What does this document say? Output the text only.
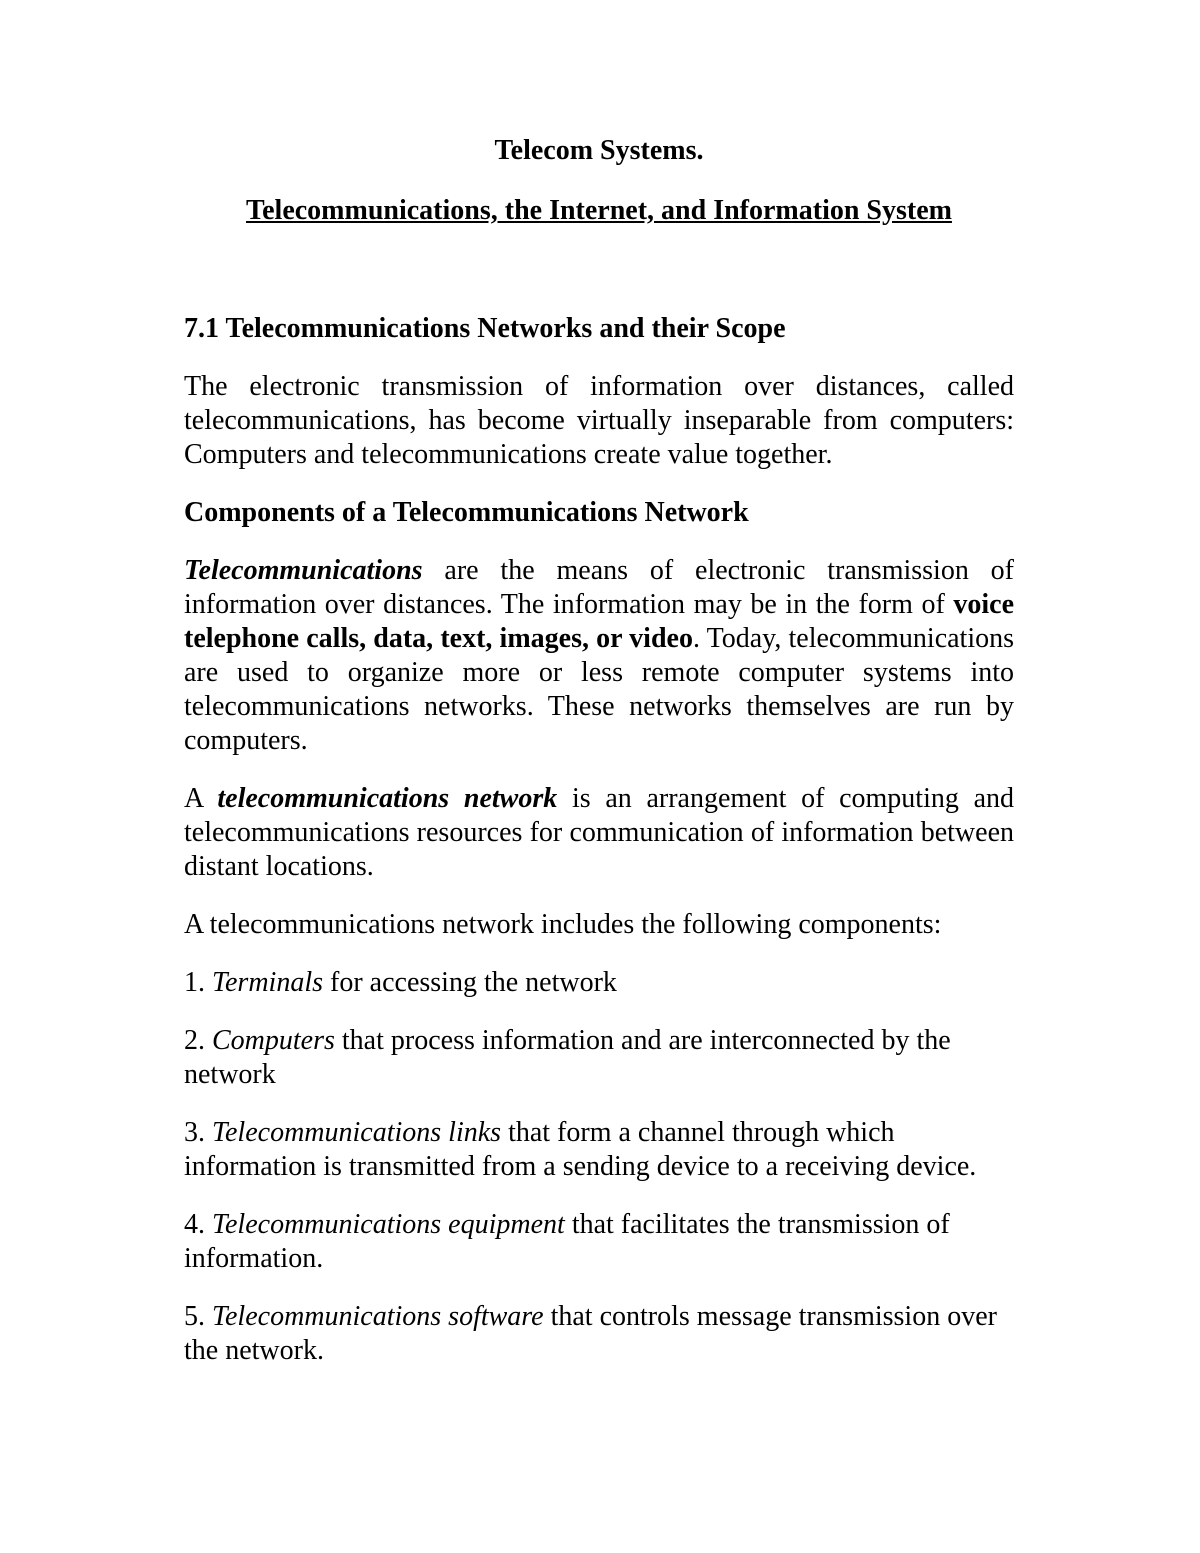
Telecom Systems.

Telecommunications, the Internet, and Information System

7.1 Telecommunications Networks and their Scope

The electronic transmission of information over distances, called telecommunications, has become virtually inseparable from computers: Computers and telecommunications create value together.

Components of a Telecommunications Network

Telecommunications are the means of electronic transmission of information over distances. The information may be in the form of voice telephone calls, data, text, images, or video. Today, telecommunications are used to organize more or less remote computer systems into telecommunications networks. These networks themselves are run by computers.

A telecommunications network is an arrangement of computing and telecommunications resources for communication of information between distant locations.

A telecommunications network includes the following components:

1. Terminals for accessing the network

2. Computers that process information and are interconnected by the network

3. Telecommunications links that form a channel through which information is transmitted from a sending device to a receiving device.

4. Telecommunications equipment that facilitates the transmission of information.

5. Telecommunications software that controls message transmission over the network.
